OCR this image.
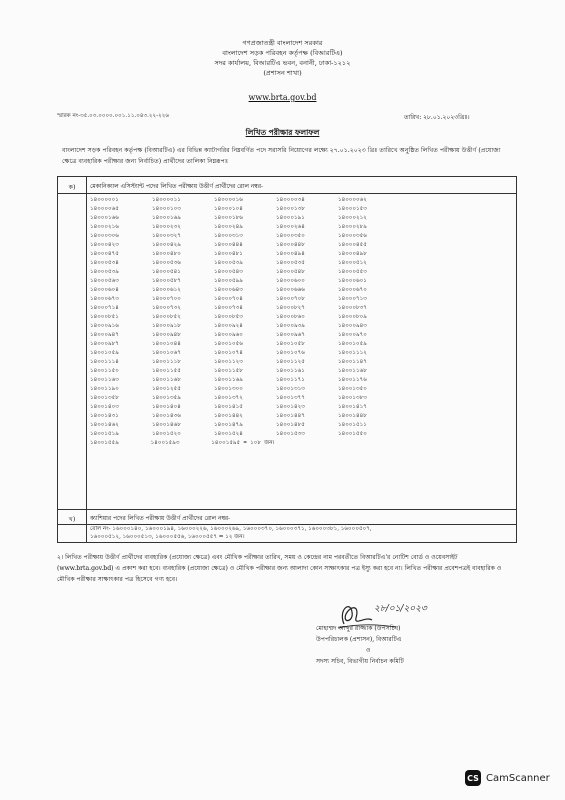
গণপ্রজাতন্ত্রী বাংলাদেশ সরকার
বাংলাদেশ সড়ক পরিবহন কর্তৃপক্ষ (বিআরটিএ)
সদর কার্যালয়, বিআরটিএ ভবন, বনানী, ঢাকা-১২১২
(প্রশাসন শাখা)
www.brta.gov.bd
স্মারক নং-৩৫.০৩.০০০০.০০১.১১.০৪৩.২২-২২৬	তারিখ: ২৮.০১.২০২৩খ্রিঃ।
লিখিত পরীক্ষার ফলাফল
বাংলাদেশ সড়ক পরিবহন কর্তৃপক্ষ (বিআরটিএ) এর বিভিন্ন ক্যাটাগরির নিম্নবর্ণিত পদে সরাসরি নিয়োগের লক্ষ্যে ২৭.০১.২০২৩ খ্রিঃ তারিখে অনুষ্ঠিত লিখিত পরীক্ষায় উত্তীর্ণ (প্রযোজ্য ক্ষেত্রে ব্যবহারিক পরীক্ষার জন্য নির্বাচিত) প্রার্থীদের তালিকা নিম্নরূপঃ
ক)	মেকানিক্যাল এসিস্ট্যান্ট পদের লিখিত পরীক্ষায় উত্তীর্ণ প্রার্থীদের রোল নম্বর-
খ)	ক্যাশিয়ার পদের লিখিত পরীক্ষায় উত্তীর্ণ প্রার্থীদের রোল নম্বর-
১৪০০০০০১	১৪০০০০১১	১৪০০০০১৬	১৪০০০০৩৪	১৪০০০০৬২
১৪০০০০৬৫	১৪০০০১০৩	১৪০০০১০৪	১৪০০০১৩৮	১৪০০০১৫৩
১৪০০০১৬৬	১৪০০০১৬৯	১৪০০০১৮৬	১৪০০০১৯১	১৪০০০২১২
১৪০০০২১৬	১৪০০০২৩২	১৪০০০২৪৯	১৪০০০২৬৪	১৪০০০২৮৯
১৪০০০৩০৬	১৪০০০৩২৭	১৪০০০৩১৩	১৪০০০৩৫০	১৪০০০৩৫৬
১৪০০০৪২৩	১৪০০০৪২৯	১৪০০০৪৪৪	১৪০০০৪৪৮	১৪০০০৪৫৫
১৪০০০৪৭৫	১৪০০০৪৮০	১৪০০০৪৮১	১৪০০০৪৯৪	১৪০০০৪৯৮
১৪০০০৫৩৪	১৪০০০৫৩৬	১৪০০০৫৩৯	১৪০০০৫৩৫	১৪০০০৫১২
১৪০০০৫৩৯	১৪০০০৫৪১	১৪০০০৫৪৩	১৪০০০৫৪৮	১৪০০০৫৫৩
১৪০০০৫৬৩	১৪০০০৫৮৭	১৪০০০৫৯৯	১৪০০০৬০০	১৪০০০৬০১
১৪০০০৬০৪	১৪০০০৬১২	১৪০০০৬৪৩	১৪০০০৬৬৬	১৪০০০৬৭০
১৪০০০৬৭৩	১৪০০০৭০০	১৪০০০৭০৪	১৪০০০৭০৮	১৪০০০৭১৩
১৪০০০৭১৪	১৪০০০৭৩২	১৪০০০৭৩৪	১৪০০০৮২৭	১৪০০০৮৩৭
১৪০০০৮৫১	১৪০০০৮৫২	১৪০০০৮৫৩	১৪০০০৮৬০	১৪০০০৮০৯
১৪০০০৯১৬	১৪০০০৯১৮	১৪০০০৯২৪	১৪০০০৯৩৯	১৪০০০৯৪৩
১৪০০০৯৪৭	১৪০০০৯৪৮	১৪০০০৯৬০	১৪০০০৯৬৭	১৪০০০৯৭০
১৪০০০৯৮৭	১৪০০১০৪৪	১৪০০১০৫৬	১৪০০১০৫৮	১৪০০১০৫৯
১৪০০১০৫৯	১৪০০১০৬৭	১৪০০১০৭৪	১৪০০১০৭৬	১৪০০১১১২
১৪০০১১১৪	১৪০০১১১৮	১৪০০১১২৩	১৪০০১১২৫	১৪০০১১৪৭
১৪০০১১৫০	১৪০০১১৫৫	১৪০০১১৫৮	১৪০০১১৬১	১৪০০১১৬৮
১৪০০১১৬৩	১৪০০১১৬৮	১৪০০১১৬৯	১৪০০১১৭১	১৪০০১১৭৬
১৪০০১১৯০	১৪০০১২৫৫	১৪০০১৩০০	১৪০০১৩১৩	১৪০০১৩৫০
১৪০০১৩৫৮	১৪০০১৩৫৯	১৪০০১৩৭২	১৪০০১৩৭৭	১৪০০১৩৮৩
১৪০০১৪০৩	১৪০০১৪০৪	১৪০০১৪১৫	১৪০০১৪২৩	১৪০০১৪১৭
১৪০০১৪৩১	১৪০০১৪৩৬	১৪০০১৪৪২	১৪০০১৪৪৭	১৪০০১৪৪৮
১৪০০১৪৬২	১৪০০১৪৬৮	১৪০০১৪৭৯	১৪০০১৪৮৫	১৪০০১৫১১
১৪০০১৫১৯	১৪০০১৫২০	১৪০০১৫২৪	১৪০০১৫৩৩	১৪০০১৫৫০
১৪০০১৫৫৯	১৪০০১৫৯৩	১৪০০১৫৯৫ = ১০৮ জন।
রোল নং- ১৬০০০১৪০, ১৬০০০১৯৪, ১৬০০০২২৬, ১৬০০০২৬৯, ১৬০০০৩৭০, ১৬০০০৩৭১, ১৬০০০৩৮১, ১৬০০০৫০৭,
১৬০০০৫১২, ১৬০০০৫১৩, ১৬০০০৫৫৬, ১৬০০০৫৫৭ = ১২ জন।
২। লিখিত পরীক্ষায় উত্তীর্ণ প্রার্থীদের ব্যবহারিক (প্রযোজ্য ক্ষেত্রে) এবং মৌখিক পরীক্ষার তারিখ, সময় ও কেন্দ্রের নাম পরবর্তীতে বিআরটিএ'র নোটিশ বোর্ড ও ওয়েবসাইট (www.brta.gov.bd) এ প্রকাশ করা হবে। ব্যবহারিক (প্রযোজ্য ক্ষেত্রে) ও মৌখিক পরীক্ষার জন্য আলাদা কোন সাক্ষাৎকার পত্র ইস্যু করা হবে না। লিখিত পরীক্ষার প্রবেশপত্রই ব্যবহারিক ও মৌখিক পরীক্ষার সাক্ষাৎকার পত্র হিসেবে গণ্য হবে।
২৮/০১/২০২৩
মোহাম্মদ আব্দুর রাজ্জাক (উপসচিব)
উপপরিচালক (প্রশাসন), বিআরটিএ
ও
সদস্য সচিব, বিভাগীয় নির্বাচন কমিটি
CS CamScanner
